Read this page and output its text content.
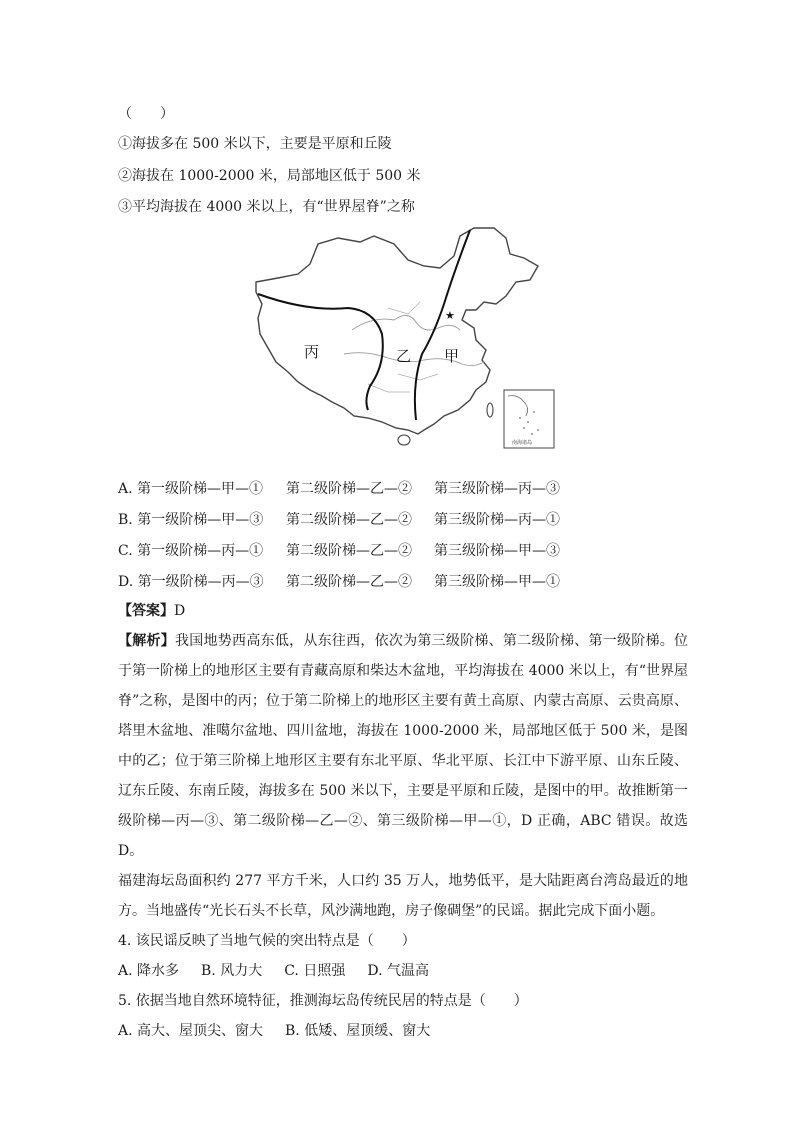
（　　）
①海拔多在 500 米以下，主要是平原和丘陵
②海拔在 1000-2000 米，局部地区低于 500 米
③平均海拔在 4000 米以上，有“世界屋脊”之称
丙	乙 甲
★
南海诸岛
A. 第一级阶梯—甲—① 第二级阶梯—乙—② 第三级阶梯—丙—③
B. 第一级阶梯—甲—③ 第二级阶梯—乙—② 第三级阶梯—丙—①
C. 第一级阶梯—丙—① 第二级阶梯—乙—② 第三级阶梯—甲—③
D. 第一级阶梯—丙—③ 第二级阶梯—乙—② 第三级阶梯—甲—①

【答案】D

【解析】我国地势西高东低，从东往西，依次为第三级阶梯、第二级阶梯、第一级阶梯。位于第一阶梯上的地形区主要有青藏高原和柴达木盆地，平均海拔在 4000 米以上，有“世界屋脊”之称，是图中的丙；位于第二阶梯上的地形区主要有黄土高原、内蒙古高原、云贵高原、塔里木盆地、准噶尔盆地、四川盆地，海拔在 1000-2000 米，局部地区低于 500 米，是图中的乙；位于第三阶梯上地形区主要有东北平原、华北平原、长江中下游平原、山东丘陵、辽东丘陵、东南丘陵，海拔多在 500 米以下，主要是平原和丘陵，是图中的甲。故推断第一级阶梯—丙—③、第二级阶梯—乙—②、第三级阶梯—甲—①，D 正确，ABC 错误。故选 D。

福建海坛岛面积约 277 平方千米，人口约 35 万人，地势低平，是大陆距离台湾岛最近的地方。当地盛传“光长石头不长草，风沙满地跑，房子像碉堡”的民谣。据此完成下面小题。

4. 该民谣反映了当地气候的突出特点是（　　）

A. 降水多 B. 风力大 C. 日照强 D. 气温高

5. 依据当地自然环境特征，推测海坛岛传统民居的特点是（　　）

A. 高大、屋顶尖、窗大 B. 低矮、屋顶缓、窗大
